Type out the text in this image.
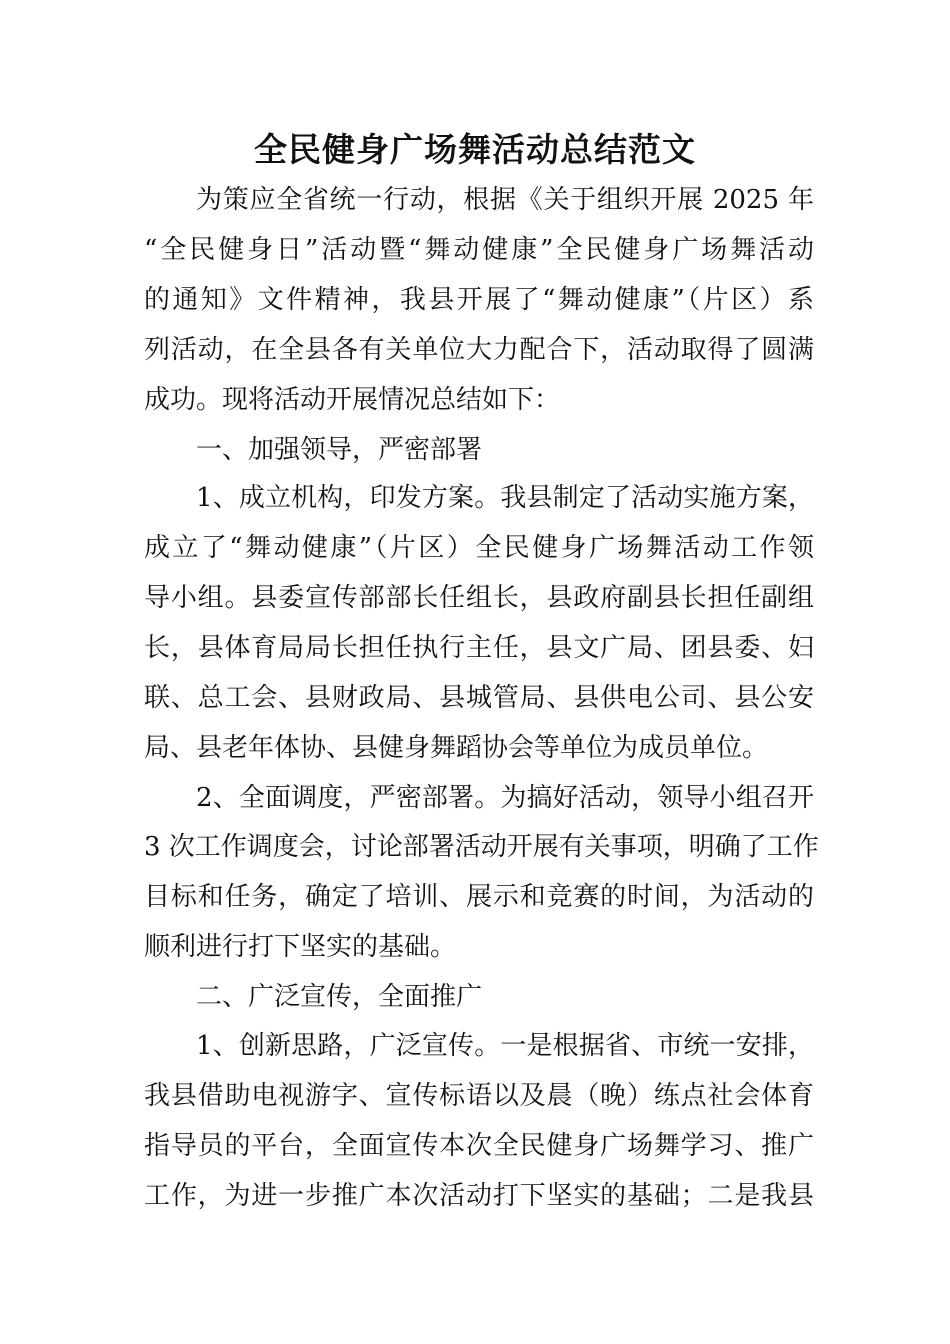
全民健身广场舞活动总结范文

为策应全省统一行动，根据《关于组织开展 2025 年

“全民健身日”活动暨“舞动健康”全民健身广场舞活动

的通知》文件精神，我县开展了“舞动健康”（片区）系

列活动，在全县各有关单位大力配合下，活动取得了圆满

成功。现将活动开展情况总结如下：

一、加强领导，严密部署

1、成立机构，印发方案。我县制定了活动实施方案，

成立了“舞动健康”（片区）全民健身广场舞活动工作领

导小组。县委宣传部部长任组长，县政府副县长担任副组

长，县体育局局长担任执行主任，县文广局、团县委、妇

联、总工会、县财政局、县城管局、县供电公司、县公安

局、县老年体协、县健身舞蹈协会等单位为成员单位。

2、全面调度，严密部署。为搞好活动，领导小组召开

3 次工作调度会，讨论部署活动开展有关事项，明确了工作

目标和任务，确定了培训、展示和竞赛的时间，为活动的

顺利进行打下坚实的基础。

二、广泛宣传，全面推广

1、创新思路，广泛宣传。一是根据省、市统一安排，

我县借助电视游字、宣传标语以及晨（晚）练点社会体育

指导员的平台，全面宣传本次全民健身广场舞学习、推广

工作，为进一步推广本次活动打下坚实的基础；二是我县
